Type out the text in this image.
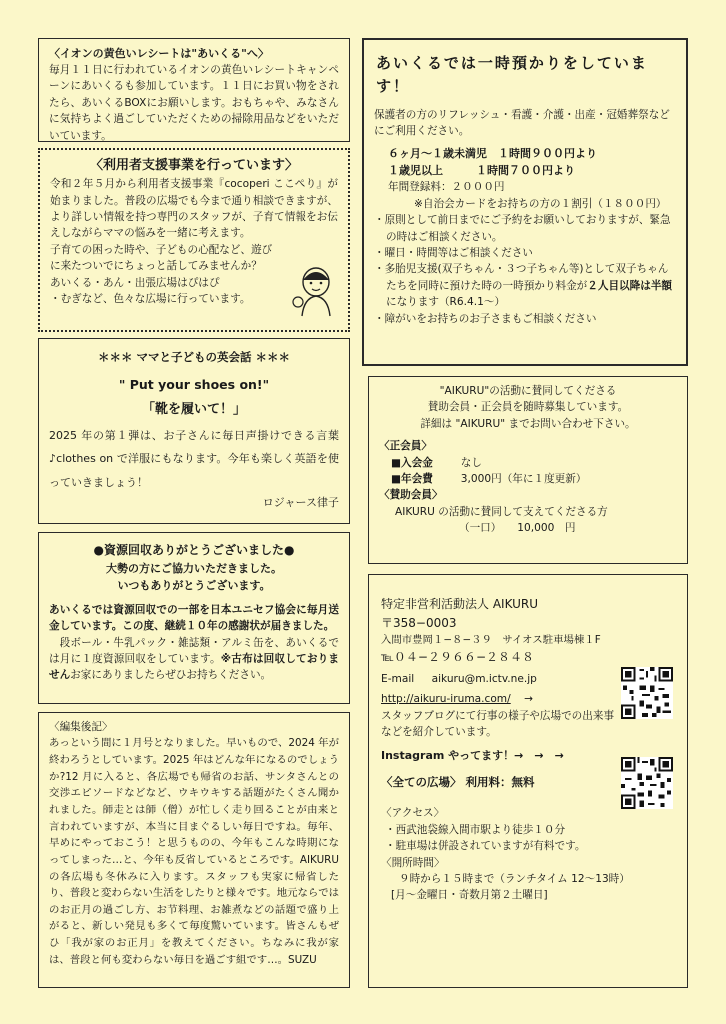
〈イオンの黄色いレシートは"あいくる"へ〉

毎月１１日に行われているイオンの黄色いレシートキャンペーンにあいくるも参加しています。１１日にお買い物をされたら、あいくるBOXにお願いします。おもちゃや、みなさんに気持ちよく過ごしていただくための掃除用品などをいただいています。

〈利用者支援事業を行っています〉

令和２年５月から利用者支援事業『cocoperi ここぺり』が始まりました。普段の広場でも今まで通り相談できますが、より詳しい情報を持つ専門のスタッフが、子育て情報をお伝えしながらママの悩みを一緒に考えます。

子育ての困った時や、子どもの心配など、遊びに来たついでにちょっと話してみませんか？

あいくる・あん・出張広場はぴはぴ

・むぎなど、色々な広場に行っています。

＊＊＊ ママと子どもの英会話 ＊＊＊

" Put your shoes on!"

「靴を履いて！」

2025 年の第１弾は、お子さんに毎日声掛けできる言葉♪clothes on で洋服にもなります。今年も楽しく英語を使っていきましょう！

ロジャース律子

●資源回収ありがとうございました●

大勢の方にご協力いただきました。

いつもありがとうございます。

あいくるでは資源回収での一部を日本ユニセフ協会に毎月送金しています。この度、継続１０年の感謝状が届きました。

段ボール・牛乳パック・雑誌類・アルミ缶を、あいくるでは月に１度資源回収をしています。※古布は回収しておりませんお家にありましたらぜひお持ちください。

〈編集後記〉

あっという間に１月号となりました。早いもので、2024 年が終わろうとしています。2025 年はどんな年になるのでしょうか?12 月に入ると、各広場でも帰省のお話、サンタさんとの交渉エピソードなどなど、ウキウキする話題がたくさん聞かれました。師走とは師（僧）が忙しく走り回ることが由来と言われていますが、本当に目まぐるしい毎日ですね。毎年、早めにやっておこう！と思うものの、今年もこんな時期になってしまった…と、今年も反省しているところです。AIKURUの各広場も冬休みに入ります。スタッフも実家に帰省したり、普段と変わらない生活をしたりと様々です。地元ならではのお正月の過ごし方、お节料理、お雑煮などの話題で盛り上がると、新しい発見も多くて毎度驚いています。皆さんもぜひ「我が家のお正月」を教えてください。ちなみに我が家は、普段と何も変わらない毎日を過ごす組です…。SUZU

あいくるでは一時預かりをしています！

保護者の方のリフレッシュ・看護・介護・出産・冠婚葬祭などにご利用ください。

６ヶ月〜１歳未満児　１時間９００円より

１歳児以上　　　１時間７００円より

年間登録料：２０００円

※自治会カードをお持ちの方の１割引（１８００円）

・原則として前日までにご予約をお願いしておりますが、緊急の時はご相談ください。

・曜日・時間等はご相談ください

・多胎児支援(双子ちゃん・３つ子ちゃん等)として双子ちゃんたちを同時に預けた時の一時預かり料金が２人目以降は半額になります（R6.4.1〜）

・障がいをお持ちのお子さまもご相談ください

"AIKURU"の活動に賛同してくださる

賛助会員・正会員を随時募集しています。

詳細は "AIKURU" までお問い合わせ下さい。

〈正会員〉

■入会金	なし
■年会費	3,000円（年に１度更新）

〈賛助会員〉

AIKURU の活動に賛同して支えてくださる方

（一口）　　10,000　円

特定非営利活動法人 AIKURU

〒358−0003

入間市豊岡１−８−３９　サイオス駐車場棟１F

℡０４−２９６６−２８４８

E-mail aikuru@m.ictv.ne.jp

http://aikuru-iruma.com/ →

スタッフブログにて行事の様子や広場での出来事などを紹介しています。

Instagram やってます！→　→　→

〈全ての広場〉 利用料：無料

〈アクセス〉

・西武池袋線入間市駅より徒歩１０分

・駐車場は併設されていますが有料です。

〈開所時間〉

９時から１５時まで（ランチタイム 12〜13時）

[月〜金曜日・奇数月第２土曜日]
